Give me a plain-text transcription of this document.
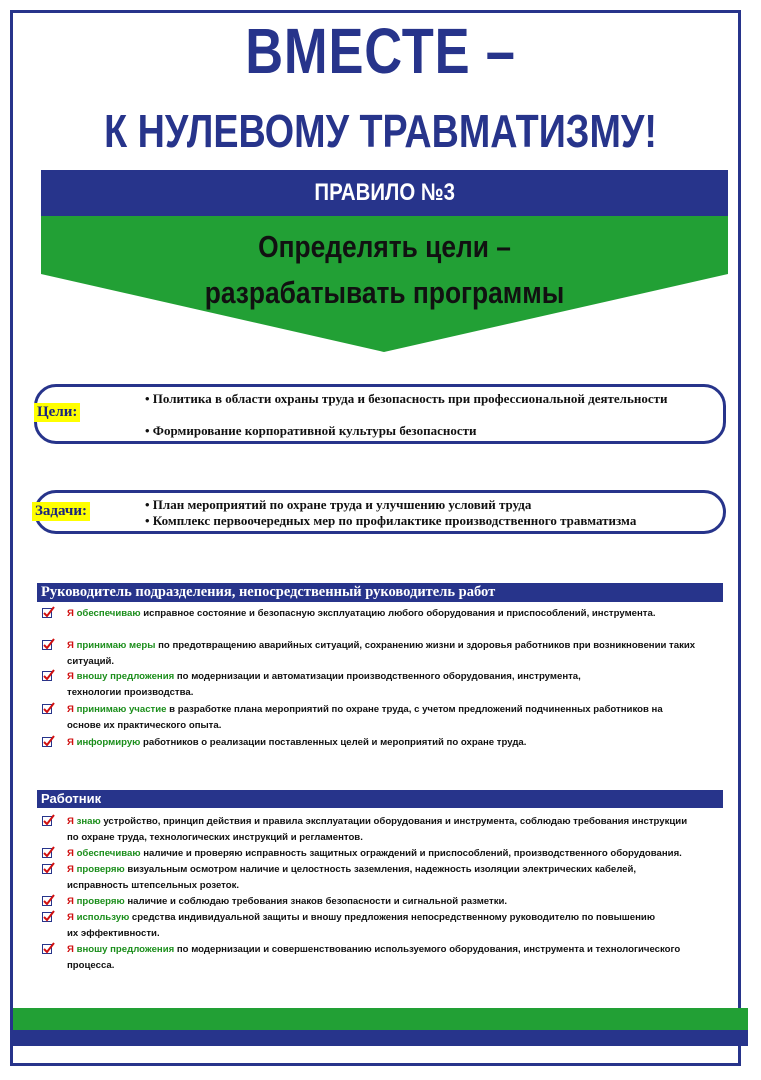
ВМЕСТЕ –
К НУЛЕВОМУ ТРАВМАТИЗМУ!
ПРАВИЛО №3
Определять цели –
разрабатывать программы
Цели:
• Политика в области охраны труда и безопасность при профессиональной деятельности
• Формирование корпоративной культуры безопасности
Задачи:	• План мероприятий по охране труда и улучшению условий труда
• Комплекс первоочередных мер по профилактике производственного травматизма
Руководитель подразделения, непосредственный руководитель работ
Я обеспечиваю исправное состояние и безопасную эксплуатацию любого оборудования и приспособлений, инструмента.
Я принимаю меры по предотвращению аварийных ситуаций, сохранению жизни и здоровья работников при возникновении таких
ситуаций.
Я вношу предложения по модернизации и автоматизации производственного оборудования, инструмента,
технологии производства.
Я принимаю участие в разработке плана мероприятий по охране труда, с учетом предложений подчиненных работников на
основе их практического опыта.
Я информирую работников о реализации поставленных целей и мероприятий по охране труда.
Работник
Я знаю устройство, принцип действия и правила эксплуатации оборудования и инструмента, соблюдаю требования инструкции
по охране труда, технологических инструкций и регламентов.
Я обеспечиваю наличие и проверяю исправность защитных ограждений и приспособлений, производственного оборудования.
Я проверяю визуальным осмотром наличие и целостность заземления, надежность изоляции электрических кабелей,
исправность штепсельных розеток.
Я проверяю наличие и соблюдаю требования знаков безопасности и сигнальной разметки.
Я использую средства индивидуальной защиты и вношу предложения непосредственному руководителю по повышению
их эффективности.
Я вношу предложения по модернизации и совершенствованию используемого оборудования, инструмента и технологического
процесса.
